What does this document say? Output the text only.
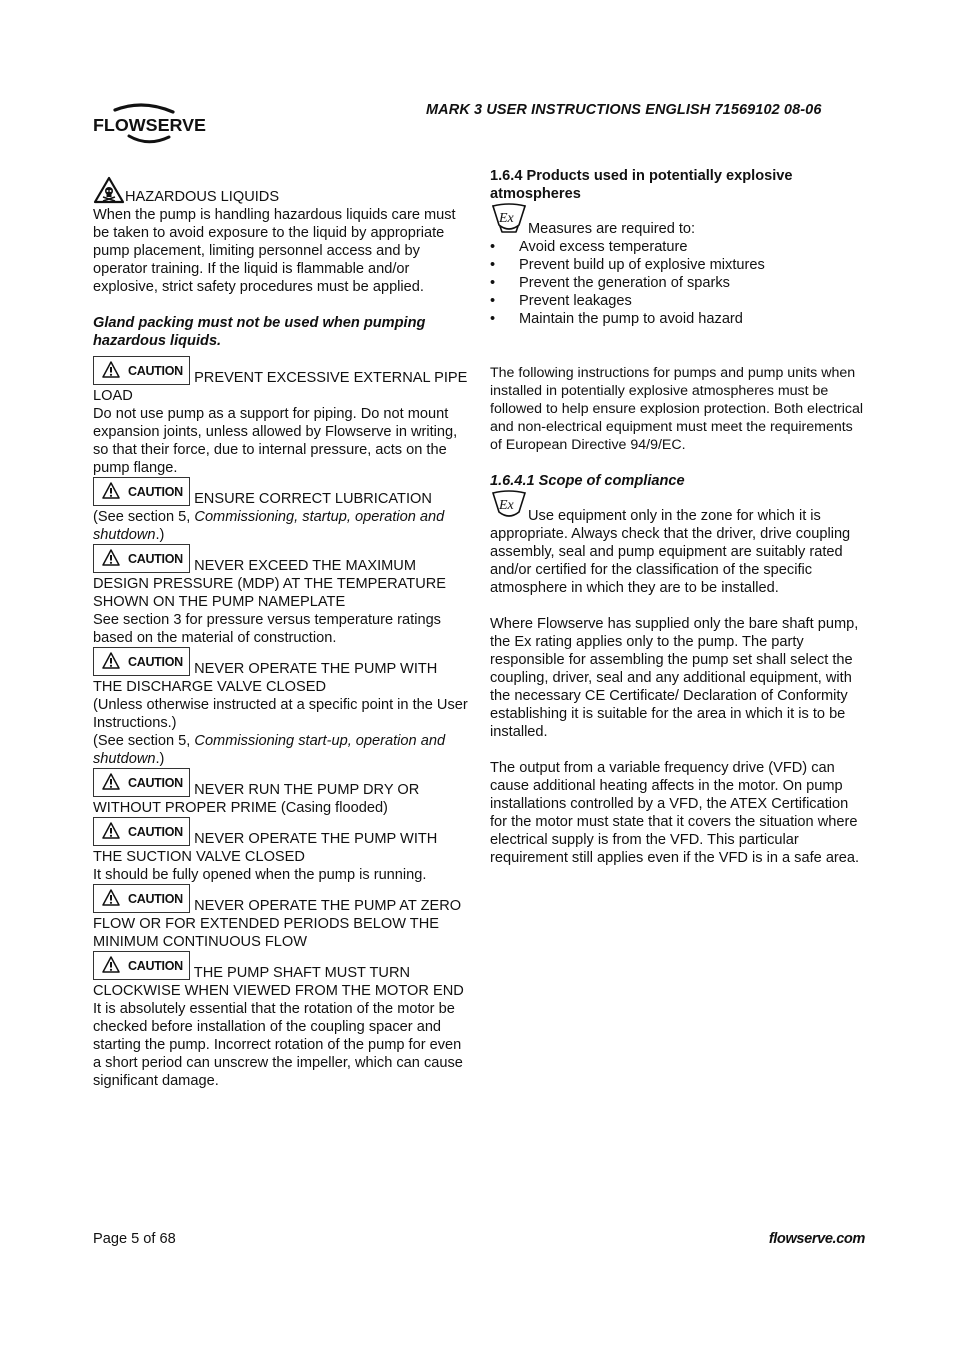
FLOWSERVE
MARK 3 USER INSTRUCTIONS ENGLISH 71569102 08-06

HAZARDOUS LIQUIDS

When the pump is handling hazardous liquids care must be taken to avoid exposure to the liquid by appropriate pump placement, limiting personnel access and by operator training. If the liquid is flammable and/or explosive, strict safety procedures must be applied.

Gland packing must not be used when pumping hazardous liquids.

CAUTION PREVENT EXCESSIVE EXTERNAL PIPE LOAD

Do not use pump as a support for piping. Do not mount expansion joints, unless allowed by Flowserve in writing, so that their force, due to internal pressure, acts on the pump flange.

CAUTION ENSURE CORRECT LUBRICATION

(See section 5, Commissioning, startup, operation and shutdown.)

CAUTION NEVER EXCEED THE MAXIMUM DESIGN PRESSURE (MDP) AT THE TEMPERATURE SHOWN ON THE PUMP NAMEPLATE

See section 3 for pressure versus temperature ratings based on the material of construction.

CAUTION NEVER OPERATE THE PUMP WITH THE DISCHARGE VALVE CLOSED

(Unless otherwise instructed at a specific point in the User Instructions.)

(See section 5, Commissioning start-up, operation and shutdown.)

CAUTION NEVER RUN THE PUMP DRY OR WITHOUT PROPER PRIME (Casing flooded)

CAUTION NEVER OPERATE THE PUMP WITH THE SUCTION VALVE CLOSED

It should be fully opened when the pump is running.

CAUTION NEVER OPERATE THE PUMP AT ZERO FLOW OR FOR EXTENDED PERIODS BELOW THE MINIMUM CONTINUOUS FLOW

CAUTION THE PUMP SHAFT MUST TURN CLOCKWISE WHEN VIEWED FROM THE MOTOR END

It is absolutely essential that the rotation of the motor be checked before installation of the coupling spacer and starting the pump. Incorrect rotation of the pump for even a short period can unscrew the impeller, which can cause significant damage.

1.6.4 Products used in potentially explosive atmospheres

Ex
Measures are required to:

• Avoid excess temperature
• Prevent build up of explosive mixtures
• Prevent the generation of sparks
• Prevent leakages
• Maintain the pump to avoid hazard

The following instructions for pumps and pump units when installed in potentially explosive atmospheres must be followed to help ensure explosion protection. Both electrical and non-electrical equipment must meet the requirements of European Directive 94/9/EC.

1.6.4.1 Scope of compliance

Ex
Use equipment only in the zone for which it is appropriate. Always check that the driver, drive coupling assembly, seal and pump equipment are suitably rated and/or certified for the classification of the specific atmosphere in which they are to be installed.

Where Flowserve has supplied only the bare shaft pump, the Ex rating applies only to the pump. The party responsible for assembling the pump set shall select the coupling, driver, seal and any additional equipment, with the necessary CE Certificate/ Declaration of Conformity establishing it is suitable for the area in which it is to be installed.

The output from a variable frequency drive (VFD) can cause additional heating affects in the motor. On pump installations controlled by a VFD, the ATEX Certification for the motor must state that it covers the situation where electrical supply is from the VFD. This particular requirement still applies even if the VFD is in a safe area.

Page 5 of 68	flowserve.com
